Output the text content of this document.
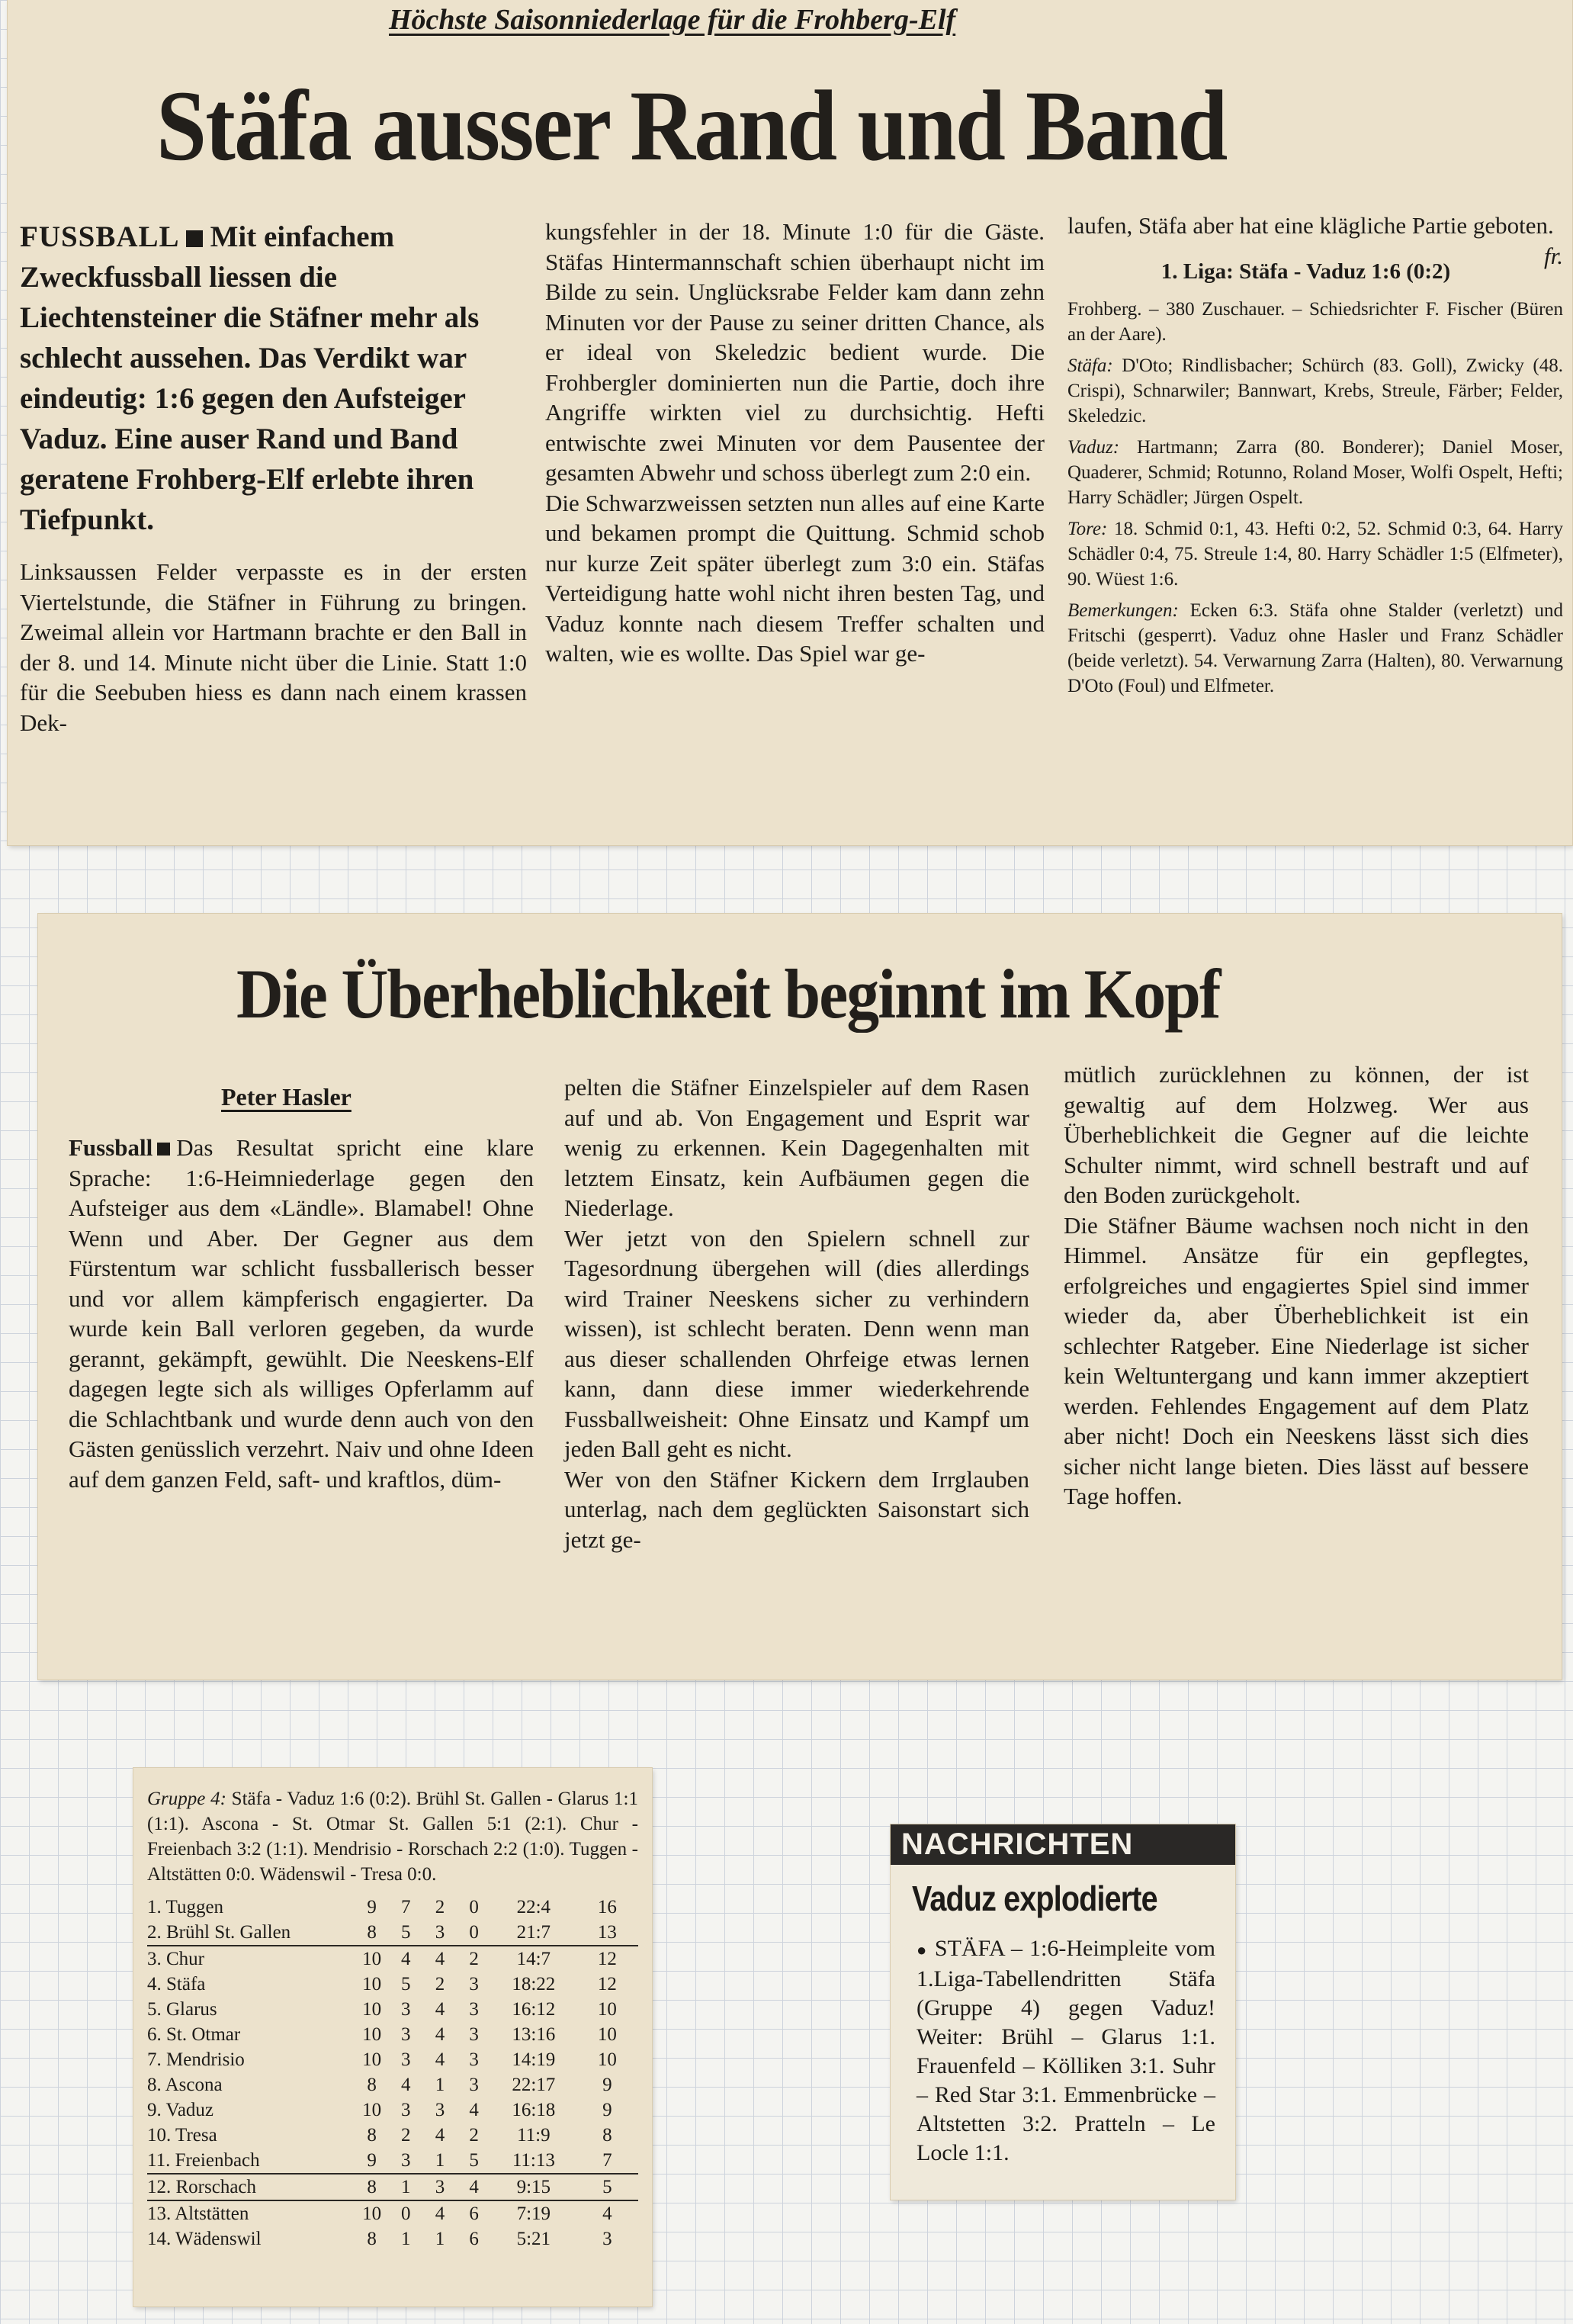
Höchste Saisonniederlage für die Frohberg-Elf
Stäfa ausser Rand und Band

FUSSBALL Mit einfachem Zweckfussball liessen die Liechtensteiner die Stäfner mehr als schlecht aussehen. Das Verdikt war eindeutig: 1:6 gegen den Aufsteiger Vaduz. Eine auser Rand und Band geratene Frohberg-Elf erlebte ihren Tiefpunkt.

Linksaussen Felder verpasste es in der ersten Viertelstunde, die Stäfner in Führung zu bringen. Zweimal allein vor Hartmann brachte er den Ball in der 8. und 14. Minute nicht über die Linie. Statt 1:0 für die Seebuben hiess es dann nach einem krassen Dek-

kungsfehler in der 18. Minute 1:0 für die Gäste. Stäfas Hintermannschaft schien überhaupt nicht im Bilde zu sein. Unglücksrabe Felder kam dann zehn Minuten vor der Pause zu seiner dritten Chance, als er ideal von Skeledzic bedient wurde. Die Frohbergler dominierten nun die Partie, doch ihre Angriffe wirkten viel zu durchsichtig. Hefti entwischte zwei Minuten vor dem Pausentee der gesamten Abwehr und schoss überlegt zum 2:0 ein.

Die Schwarzweissen setzten nun alles auf eine Karte und bekamen prompt die Quittung. Schmid schob nur kurze Zeit später überlegt zum 3:0 ein. Stäfas Verteidigung hatte wohl nicht ihren besten Tag, und Vaduz konnte nach diesem Treffer schalten und walten, wie es wollte. Das Spiel war ge-

laufen, Stäfa aber hat eine klägliche Partie geboten.
fr.

1. Liga: Stäfa - Vaduz 1:6 (0:2)

Frohberg. – 380 Zuschauer. – Schiedsrichter F. Fischer (Büren an der Aare).

Stäfa: D'Oto; Rindlisbacher; Schürch (83. Goll), Zwicky (48. Crispi), Schnarwiler; Bannwart, Krebs, Streule, Färber; Felder, Skeledzic.

Vaduz: Hartmann; Zarra (80. Bonderer); Daniel Moser, Quaderer, Schmid; Rotunno, Roland Moser, Wolfi Ospelt, Hefti; Harry Schädler; Jürgen Ospelt.

Tore: 18. Schmid 0:1, 43. Hefti 0:2, 52. Schmid 0:3, 64. Harry Schädler 0:4, 75. Streule 1:4, 80. Harry Schädler 1:5 (Elfmeter), 90. Wüest 1:6.

Bemerkungen: Ecken 6:3. Stäfa ohne Stalder (verletzt) und Fritschi (gesperrt). Vaduz ohne Hasler und Franz Schädler (beide verletzt). 54. Verwarnung Zarra (Halten), 80. Verwarnung D'Oto (Foul) und Elfmeter.

Die Überheblichkeit beginnt im Kopf
Peter Hasler

Fussball Das Resultat spricht eine klare Sprache: 1:6-Heimniederlage gegen den Aufsteiger aus dem «Ländle». Blamabel! Ohne Wenn und Aber. Der Gegner aus dem Fürstentum war schlicht fussballerisch besser und vor allem kämpferisch engagierter. Da wurde kein Ball verloren gegeben, da wurde gerannt, gekämpft, gewühlt. Die Neeskens-Elf dagegen legte sich als williges Opferlamm auf die Schlachtbank und wurde denn auch von den Gästen genüsslich verzehrt. Naiv und ohne Ideen auf dem ganzen Feld, saft- und kraftlos, düm-

pelten die Stäfner Einzelspieler auf dem Rasen auf und ab. Von Engagement und Esprit war wenig zu erkennen. Kein Dagegenhalten mit letztem Einsatz, kein Aufbäumen gegen die Niederlage.

Wer jetzt von den Spielern schnell zur Tagesordnung übergehen will (dies allerdings wird Trainer Neeskens sicher zu verhindern wissen), ist schlecht beraten. Denn wenn man aus dieser schallenden Ohrfeige etwas lernen kann, dann diese immer wiederkehrende Fussballweisheit: Ohne Einsatz und Kampf um jeden Ball geht es nicht.

Wer von den Stäfner Kickern dem Irrglauben unterlag, nach dem geglückten Saisonstart sich jetzt ge-

mütlich zurücklehnen zu können, der ist gewaltig auf dem Holzweg. Wer aus Überheblichkeit die Gegner auf die leichte Schulter nimmt, wird schnell bestraft und auf den Boden zurückgeholt.

Die Stäfner Bäume wachsen noch nicht in den Himmel. Ansätze für ein gepflegtes, erfolgreiches und engagiertes Spiel sind immer wieder da, aber Überheblichkeit ist ein schlechter Ratgeber. Eine Niederlage ist sicher kein Weltuntergang und kann immer akzeptiert werden. Fehlendes Engagement auf dem Platz aber nicht! Doch ein Neeskens lässt sich dies sicher nicht lange bieten. Dies lässt auf bessere Tage hoffen.

Gruppe 4: Stäfa - Vaduz 1:6 (0:2). Brühl St. Gallen - Glarus 1:1 (1:1). Ascona - St. Otmar St. Gallen 5:1 (2:1). Chur - Freienbach 3:2 (1:1). Mendrisio - Rorschach 2:2 (1:0). Tuggen - Altstätten 0:0. Wädenswil - Tresa 0:0.

1. Tuggen	9	7	2	0	22:4	16
2. Brühl St. Gallen	8	5	3	0	21:7	13
3. Chur	10	4	4	2	14:7	12
4. Stäfa	10	5	2	3	18:22	12
5. Glarus	10	3	4	3	16:12	10
6. St. Otmar	10	3	4	3	13:16	10
7. Mendrisio	10	3	4	3	14:19	10
8. Ascona	8	4	1	3	22:17	9
9. Vaduz	10	3	3	4	16:18	9
10. Tresa	8	2	4	2	11:9	8
11. Freienbach	9	3	1	5	11:13	7
12. Rorschach	8	1	3	4	9:15	5
13. Altstätten	10	0	4	6	7:19	4
14. Wädenswil	8	1	1	6	5:21	3
NACHRICHTEN
Vaduz explodierte

● STÄFA – 1:6-Heimpleite vom 1.Liga-Tabellendritten Stäfa (Gruppe 4) gegen Vaduz! Weiter: Brühl – Glarus 1:1. Frauenfeld – Kölliken 3:1. Suhr – Red Star 3:1. Emmenbrücke – Altstetten 3:2. Pratteln – Le Locle 1:1.
